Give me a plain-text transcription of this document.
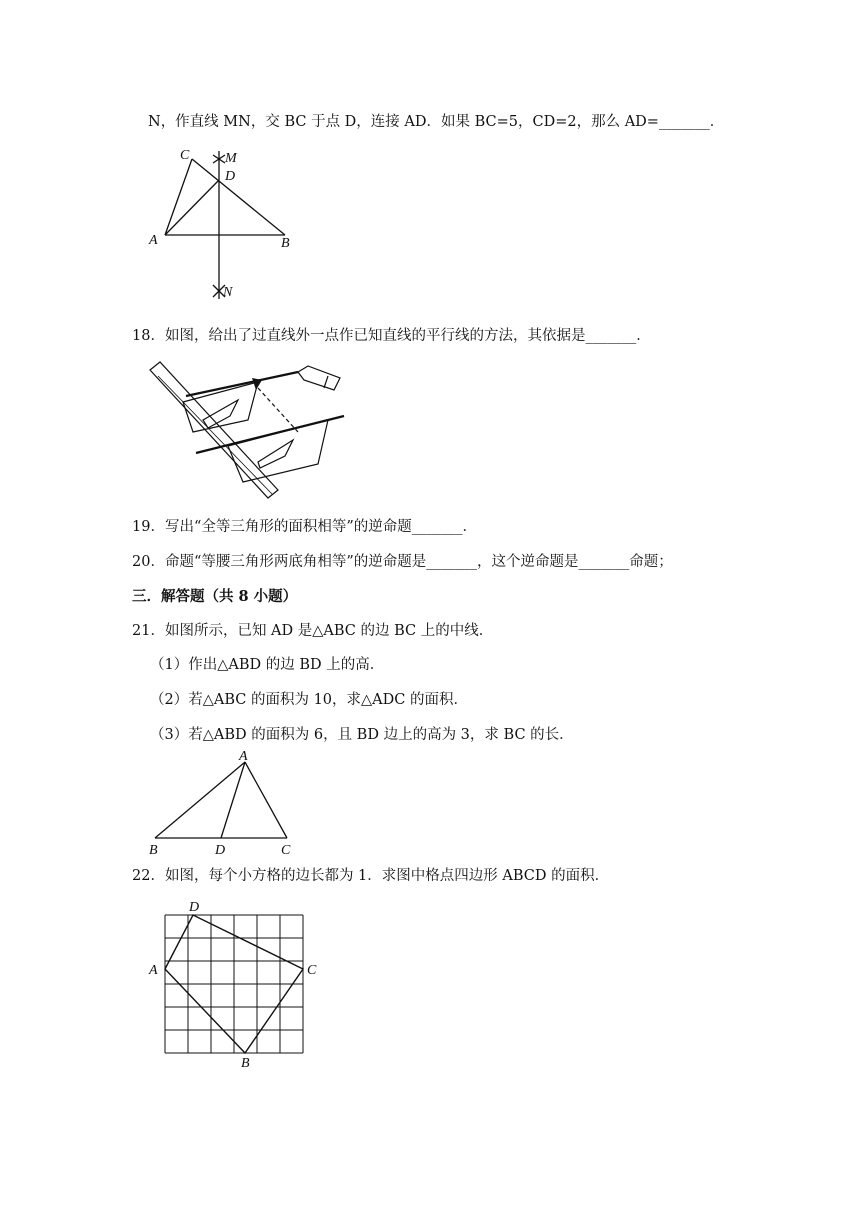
N，作直线 MN，交 BC 于点 D，连接 AD．如果 BC=5，CD=2，那么 AD=_______．
C	M
D
A	B
N
18．如图，给出了过直线外一点作已知直线的平行线的方法，其依据是_______．
19．写出“全等三角形的面积相等”的逆命题_______．
20．命题“等腰三角形两底角相等”的逆命题是_______，这个逆命题是_______命题；
三．解答题（共 8 小题）
21．如图所示，已知 AD 是△ABC 的边 BC 上的中线．
（1）作出△ABD 的边 BD 上的高．
（2）若△ABC 的面积为 10，求△ADC 的面积．
（3）若△ABD 的面积为 6，且 BD 边上的高为 3，求 BC 的长．
A
B	D	C
22．如图，每个小方格的边长都为 1．求图中格点四边形 ABCD 的面积．
D
A	C
B
